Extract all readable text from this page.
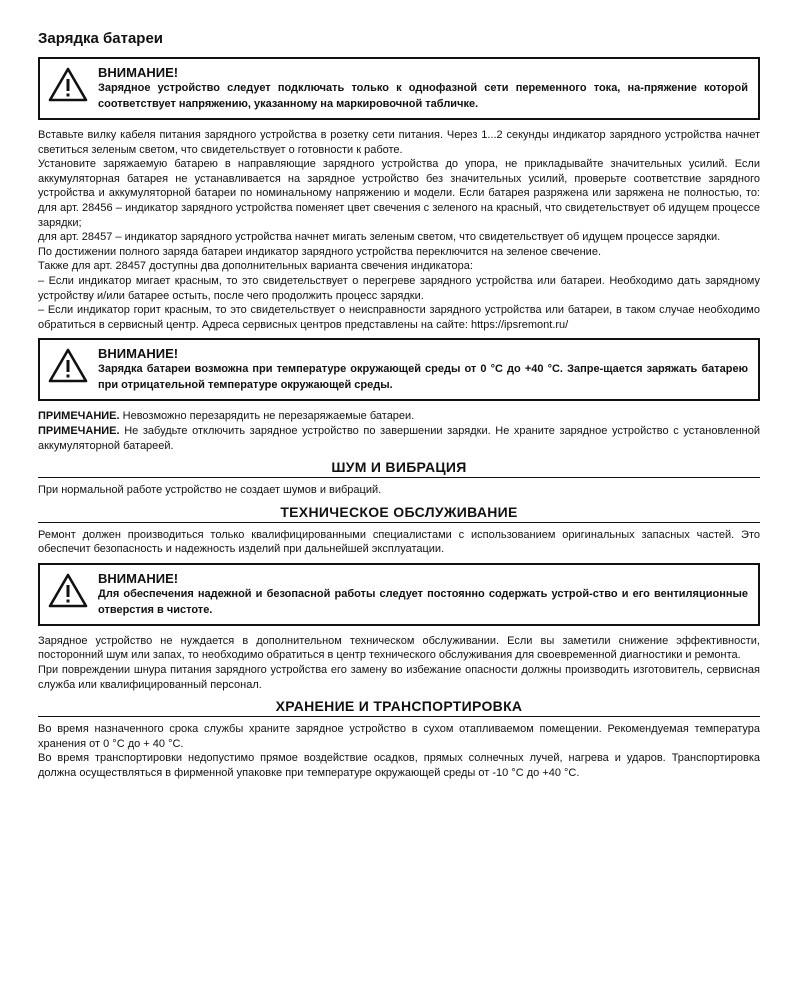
Зарядка батареи
ВНИМАНИЕ!
Зарядное устройство следует подключать только к однофазной сети переменного тока, на-пряжение которой соответствует напряжению, указанному на маркировочной табличке.

Вставьте вилку кабеля питания зарядного устройства в розетку сети питания. Через 1...2 секунды индикатор зарядного устройства начнет светиться зеленым светом, что свидетельствует о готовности к работе.

Установите заряжаемую батарею в направляющие зарядного устройства до упора, не прикладывайте значительных усилий. Если аккумуляторная батарея не устанавливается на зарядное устройство без значительных усилий, проверьте соответствие зарядного устройства и аккумуляторной батареи по номинальному напряжению и модели. Если батарея разряжена или заряжена не полностью, то: для арт. 28456 – индикатор зарядного устройства поменяет цвет свечения с зеленого на красный, что свидетельствует об идущем процессе зарядки;

для арт. 28457 – индикатор зарядного устройства начнет мигать зеленым светом, что свидетельствует об идущем процессе зарядки.

По достижении полного заряда батареи индикатор зарядного устройства переключится на зеленое свечение.

Также для арт. 28457 доступны два дополнительных варианта свечения индикатора:

– Если индикатор мигает красным, то это свидетельствует о перегреве зарядного устройства или батареи. Необходимо дать зарядному устройству и/или батарее остыть, после чего продолжить процесс зарядки.

– Если индикатор горит красным, то это свидетельствует о неисправности зарядного устройства или батареи, в таком случае необходимо обратиться в сервисный центр. Адреса сервисных центров представлены на сайте: https://ipsremont.ru/

ВНИМАНИЕ!
Зарядка батареи возможна при температуре окружающей среды от 0 °С до +40 °С. Запре-щается заряжать батарею при отрицательной температуре окружающей среды.

ПРИМЕЧАНИЕ. Невозможно перезарядить не перезаряжаемые батареи.

ПРИМЕЧАНИЕ. Не забудьте отключить зарядное устройство по завершении зарядки. Не храните зарядное устройство с установленной аккумуляторной батареей.

ШУМ И ВИБРАЦИЯ

При нормальной работе устройство не создает шумов и вибраций.

ТЕХНИЧЕСКОЕ ОБСЛУЖИВАНИЕ

Ремонт должен производиться только квалифицированными специалистами с использованием оригинальных запасных частей. Это обеспечит безопасность и надежность изделий при дальнейшей эксплуатации.

ВНИМАНИЕ!
Для обеспечения надежной и безопасной работы следует постоянно содержать устрой-ство и его вентиляционные отверстия в чистоте.

Зарядное устройство не нуждается в дополнительном техническом обслуживании. Если вы заметили снижение эффективности, посторонний шум или запах, то необходимо обратиться в центр технического обслуживания для своевременной диагностики и ремонта.

При повреждении шнура питания зарядного устройства его замену во избежание опасности должны производить изготовитель, сервисная служба или квалифицированный персонал.

ХРАНЕНИЕ И ТРАНСПОРТИРОВКА

Во время назначенного срока службы храните зарядное устройство в сухом отапливаемом помещении. Рекомендуемая температура хранения от 0 °С до + 40 °С.

Во время транспортировки недопустимо прямое воздействие осадков, прямых солнечных лучей, нагрева и ударов. Транспортировка должна осуществляться в фирменной упаковке при температуре окружающей среды от -10 °С до +40 °С.
